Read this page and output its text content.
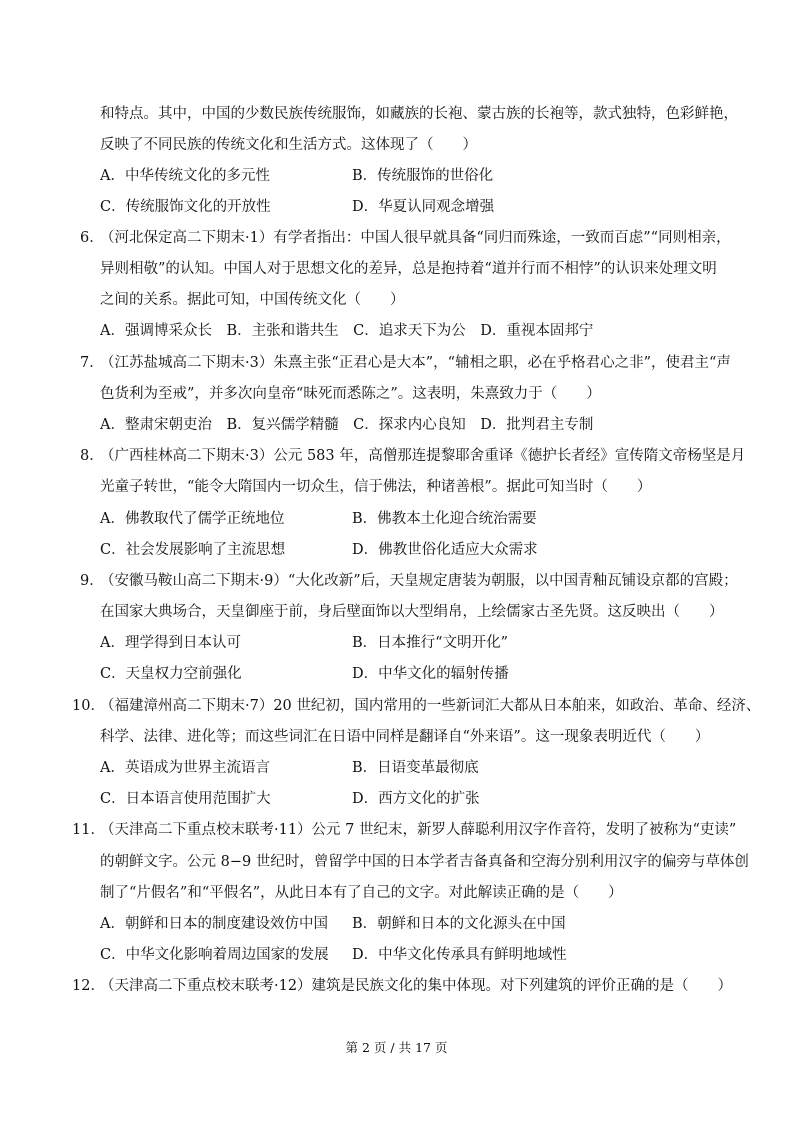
和特点。其中，中国的少数民族传统服饰，如藏族的长袍、蒙古族的长袍等，款式独特，色彩鲜艳，
反映了不同民族的传统文化和生活方式。这体现了（　　）
A．中华传统文化的多元性	B．传统服饰的世俗化
C．传统服饰文化的开放性	D．华夏认同观念增强
6．（河北保定高二下期末·1）有学者指出：中国人很早就具备“同归而殊途，一致而百虑”“同则相亲，
异则相敬”的认知。中国人对于思想文化的差异，总是抱持着“道并行而不相悖”的认识来处理文明
之间的关系。据此可知，中国传统文化（　　）
A．强调博采众长　B．主张和谐共生　C．追求天下为公　D．重视本固邦宁
7．（江苏盐城高二下期末·3）朱熹主张“正君心是大本”，“辅相之职，必在乎格君心之非”，使君主“声
色货利为至戒”，并多次向皇帝“昧死而悉陈之”。这表明，朱熹致力于（　　）
A．整肃宋朝吏治　B．复兴儒学精髓　C．探求内心良知　D．批判君主专制
8．（广西桂林高二下期末·3）公元 583 年，高僧那连提黎耶舍重译《德护长者经》宣传隋文帝杨坚是月
光童子转世，“能令大隋国内一切众生，信于佛法，种诸善根”。据此可知当时（　　）
A．佛教取代了儒学正统地位	B．佛教本土化迎合统治需要
C．社会发展影响了主流思想	D．佛教世俗化适应大众需求
9．（安徽马鞍山高二下期末·9）“大化改新”后，天皇规定唐装为朝服，以中国青釉瓦铺设京都的宫殿；
在国家大典场合，天皇御座于前，身后壁面饰以大型绢帛，上绘儒家古圣先贤。这反映出（　　）
A．理学得到日本认可	B．日本推行“文明开化”
C．天皇权力空前强化	D．中华文化的辐射传播
10．（福建漳州高二下期末·7）20 世纪初，国内常用的一些新词汇大都从日本舶来，如政治、革命、经济、
科学、法律、进化等；而这些词汇在日语中同样是翻译自“外来语”。这一现象表明近代（　　）
A．英语成为世界主流语言	B．日语变革最彻底
C．日本语言使用范围扩大	D．西方文化的扩张
11．（天津高二下重点校末联考·11）公元 7 世纪末，新罗人薛聪利用汉字作音符，发明了被称为“吏读”
的朝鲜文字。公元 8−9 世纪时，曾留学中国的日本学者吉备真备和空海分别利用汉字的偏旁与草体创
制了“片假名”和“平假名”，从此日本有了自己的文字。对此解读正确的是（　　）
A．朝鲜和日本的制度建设效仿中国 B．朝鲜和日本的文化源头在中国
C．中华文化影响着周边国家的发展 D．中华文化传承具有鲜明地域性
12．（天津高二下重点校末联考·12）建筑是民族文化的集中体现。对下列建筑的评价正确的是（　　）
第 2 页 / 共 17 页
